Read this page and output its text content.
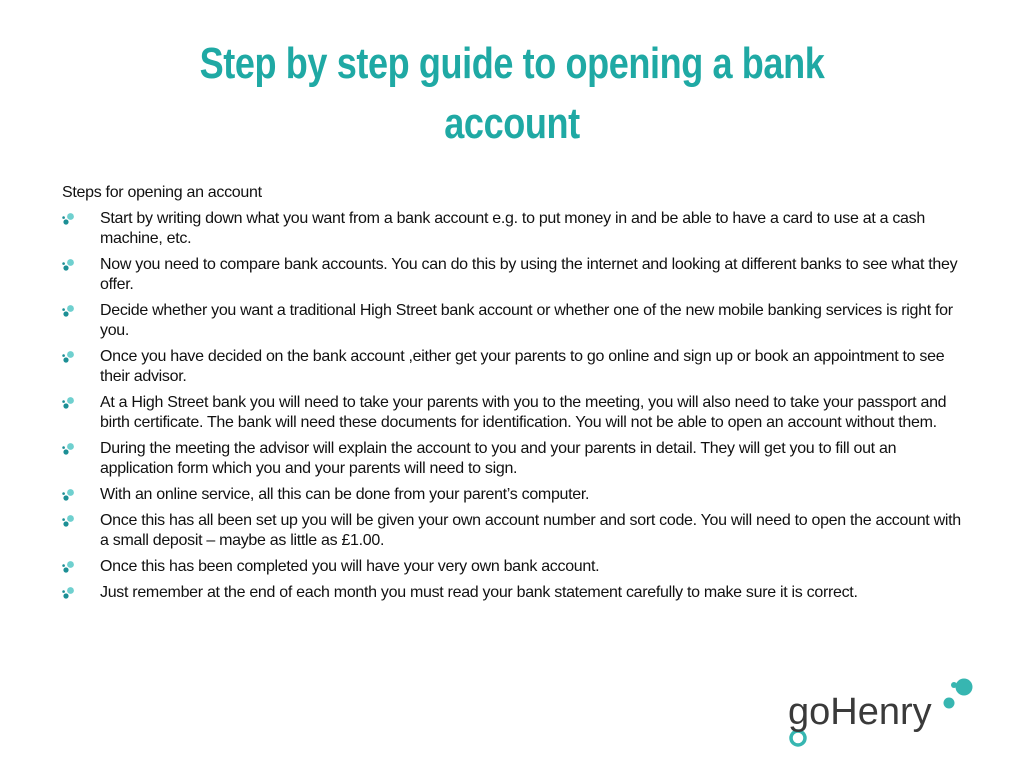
Step by step guide to opening a bank account

Steps for opening an account

Start by writing down what you want from a bank account e.g. to put money in and be able to have a card to use at a cash machine, etc.
Now you need to compare bank accounts. You can do this by using the internet and looking at different banks to see what they offer.
Decide whether you want a traditional High Street bank account or whether one of the new mobile banking services is right for you.
Once you have decided on the bank account ,either get your parents to go online and sign up or book an appointment to see their advisor.
At a High Street bank you will need to take your parents with you to the meeting, you will also need to take your passport and birth certificate. The bank will need these documents for identification. You will not be able to open an account without them.
During the meeting the advisor will explain the account to you and your parents in detail. They will get you to fill out an application form which you and your parents will need to sign.
With an online service, all this can be done from your parent’s computer.
Once this has all been set up you will be given your own account number and sort code. You will need to open the account with a small deposit – maybe as little as £1.00.
Once this has been completed you will have your very own bank account.
Just remember at the end of each month you must read your bank statement carefully to make sure it is correct.
goHenry
